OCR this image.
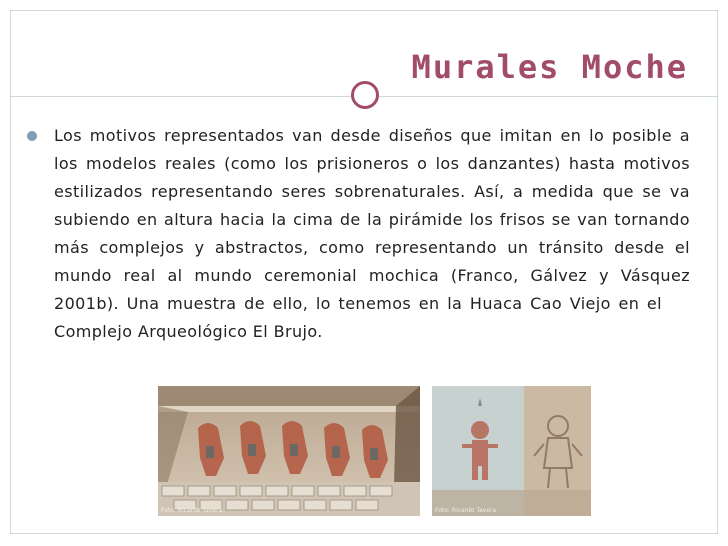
Murales Moche

Los motivos representados van desde diseños que imitan en lo posible a los modelos reales (como los prisioneros o los danzantes) hasta motivos estilizados representando seres sobrenaturales. Así, a medida que se va subiendo en altura hacia la cima de la pirámide los frisos se van tornando más complejos y abstractos, como representando un tránsito desde el mundo real al mundo ceremonial mochica (Franco, Gálvez y Vásquez 2001b). Una muestra de ello, lo tenemos en la Huaca Cao Viejo en elComplejo Arqueológico El Brujo.

Foto: Ricardo Tavera	Foto: Ricardo Tavera
